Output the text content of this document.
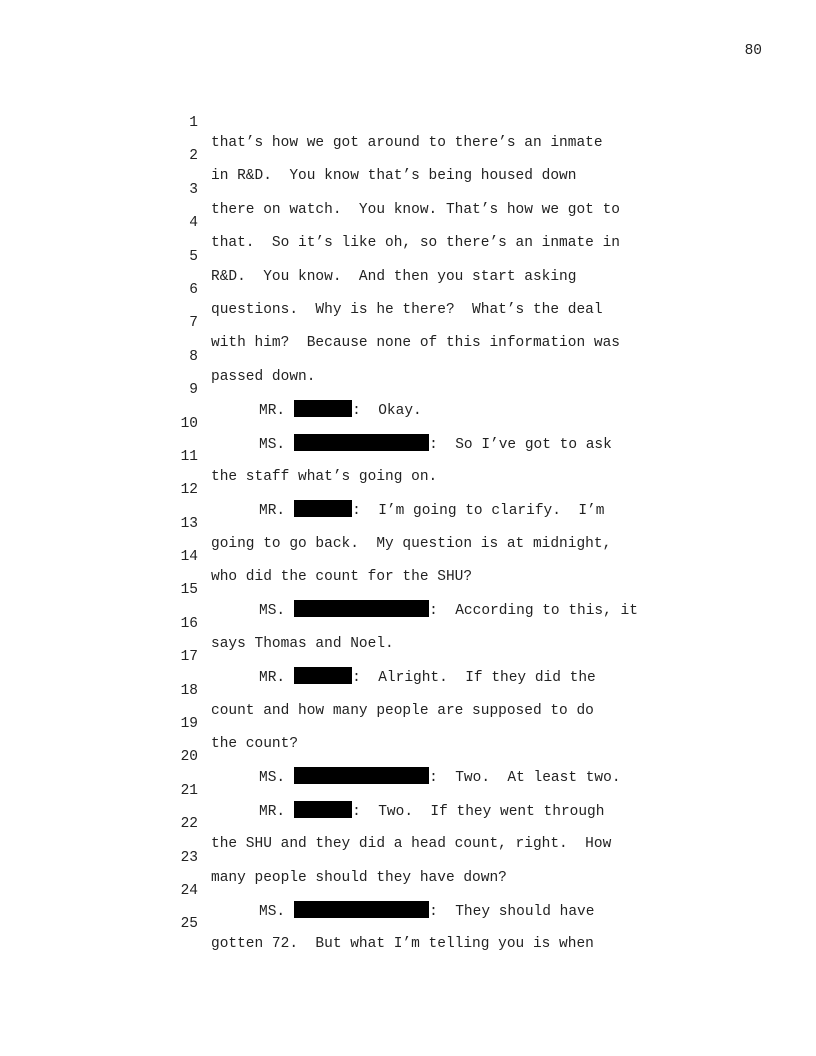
80

1

that’s how we got around to there’s an inmate

2

in R&D.  You know that’s being housed down

3

there on watch.  You know. That’s how we got to

4

that.  So it’s like oh, so there’s an inmate in

5

R&D.  You know.  And then you start asking

6

questions.  Why is he there?  What’s the deal

7

with him?  Because none of this information was

8

passed down.

9

MR.	:  Okay.

10

MS.	:  So I’ve got to ask

11

the staff what’s going on.

12

MR.	:  I’m going to clarify.  I’m

13

going to go back.  My question is at midnight,

14

who did the count for the SHU?

15

MS.	:  According to this, it

16

says Thomas and Noel.

17

MR.	:  Alright.  If they did the

18

count and how many people are supposed to do

19

the count?

20

MS.	:  Two.  At least two.

21

MR.	:  Two.  If they went through

22

the SHU and they did a head count, right.  How

23

many people should they have down?

24

MS.	:  They should have

25

gotten 72.  But what I’m telling you is when
